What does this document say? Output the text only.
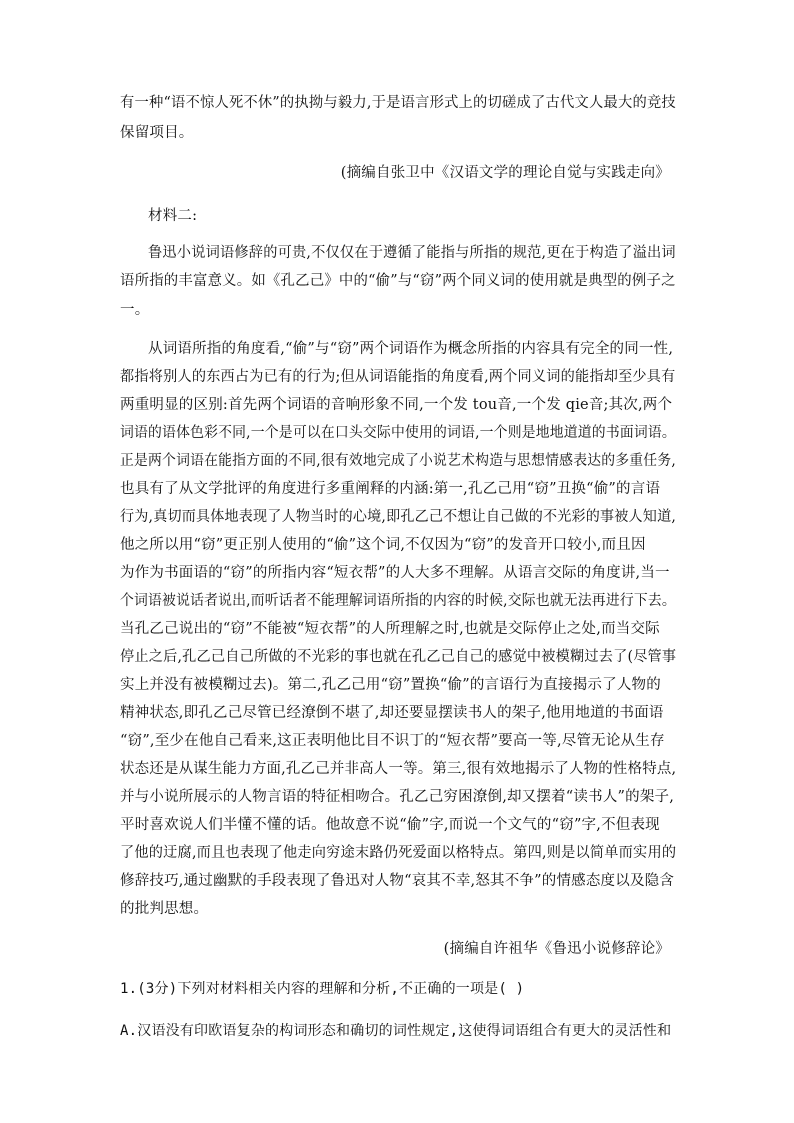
有一种“语不惊人死不休”的执拗与毅力,于是语言形式上的切磋成了古代文人最大的竞技
保留项目。
(摘编自张卫中《汉语文学的理论自觉与实践走向》
材料二:
鲁迅小说词语修辞的可贵,不仅仅在于遵循了能指与所指的规范,更在于构造了溢出词
语所指的丰富意义。如《孔乙己》中的“偷”与“窃”两个同义词的使用就是典型的例子之
一。
从词语所指的角度看,“偷”与“窃”两个词语作为概念所指的内容具有完全的同一性,
都指将别人的东西占为已有的行为;但从词语能指的角度看,两个同义词的能指却至少具有
两重明显的区别:首先两个词语的音响形象不同,一个发 tou音,一个发 qie音;其次,两个
词语的语体色彩不同,一个是可以在口头交际中使用的词语,一个则是地地道道的书面词语。
正是两个词语在能指方面的不同,很有效地完成了小说艺术构造与思想情感表达的多重任务,
也具有了从文学批评的角度进行多重阐释的内涵:第一,孔乙己用“窃”丑换“偷”的言语
行为,真切而具体地表现了人物当时的心境,即孔乙己不想让自己做的不光彩的事被人知道,
他之所以用“窃”更正别人使用的“偷”这个词,不仅因为“窃”的发音开口较小,而且因
为作为书面语的“窃”的所指内容“短衣帮”的人大多不理解。从语言交际的角度讲,当一
个词语被说话者说出,而听话者不能理解词语所指的内容的时候,交际也就无法再进行下去。
当孔乙己说出的“窃”不能被“短衣帮”的人所理解之时,也就是交际停止之处,而当交际
停止之后,孔乙己自己所做的不光彩的事也就在孔乙己自己的感觉中被模糊过去了(尽管事
实上并没有被模糊过去)。第二,孔乙己用“窃”置换“偷”的言语行为直接揭示了人物的
精神状态,即孔乙己尽管已经潦倒不堪了,却还要显摆读书人的架子,他用地道的书面语
“窃”,至少在他自己看来,这正表明他比目不识丁的“短衣帮”要高一等,尽管无论从生存
状态还是从谋生能力方面,孔乙己并非高人一等。第三,很有效地揭示了人物的性格特点,
并与小说所展示的人物言语的特征相吻合。孔乙己穷困潦倒,却又摆着“读书人”的架子,
平时喜欢说人们半懂不懂的话。他故意不说“偷”字,而说一个文气的“窃”字,不但表现
了他的迂腐,而且也表现了他走向穷途末路仍死爱面以格特点。第四,则是以简单而实用的
修辞技巧,通过幽默的手段表现了鲁迅对人物“哀其不幸,怒其不争”的情感态度以及隐含
的批判思想。
(摘编自许祖华《鲁迅小说修辞论》
1.(3分)下列对材料相关内容的理解和分析,不正确的一项是( )
A.汉语没有印欧语复杂的构词形态和确切的词性规定,这使得词语组合有更大的灵活性和
